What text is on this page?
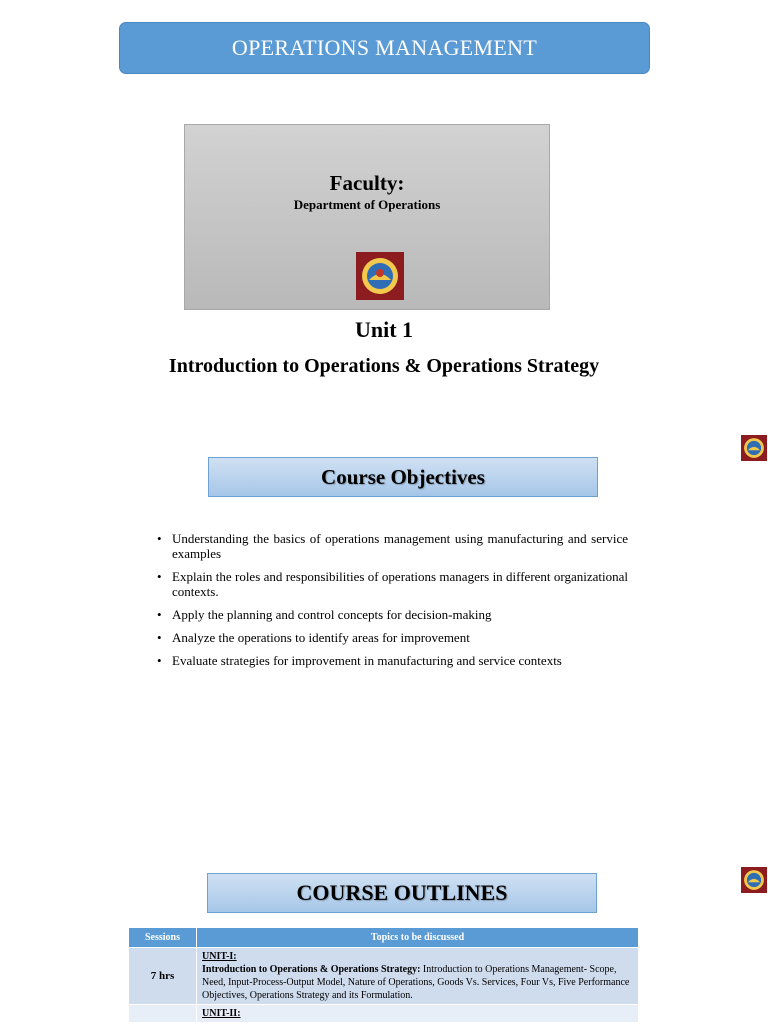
OPERATIONS MANAGEMENT
Faculty:
Department of Operations
Unit 1
Introduction to Operations & Operations Strategy
Course Objectives
• Understanding the basics of operations management using manufacturing and service examples
• Explain the roles and responsibilities of operations managers in different organizational contexts.
• Apply the planning and control concepts for decision-making
• Analyze the operations to identify areas for improvement
• Evaluate strategies for improvement in manufacturing and service contexts
COURSE OUTLINES
Sessions	Topics to be discussed
7 hrs	UNIT-I:
Introduction to Operations & Operations Strategy: Introduction to Operations Management- Scope, Need, Input-Process-Output Model, Nature of Operations, Goods Vs. Services, Four Vs, Five Performance Objectives, Operations Strategy and its Formulation.

	UNIT-II:
